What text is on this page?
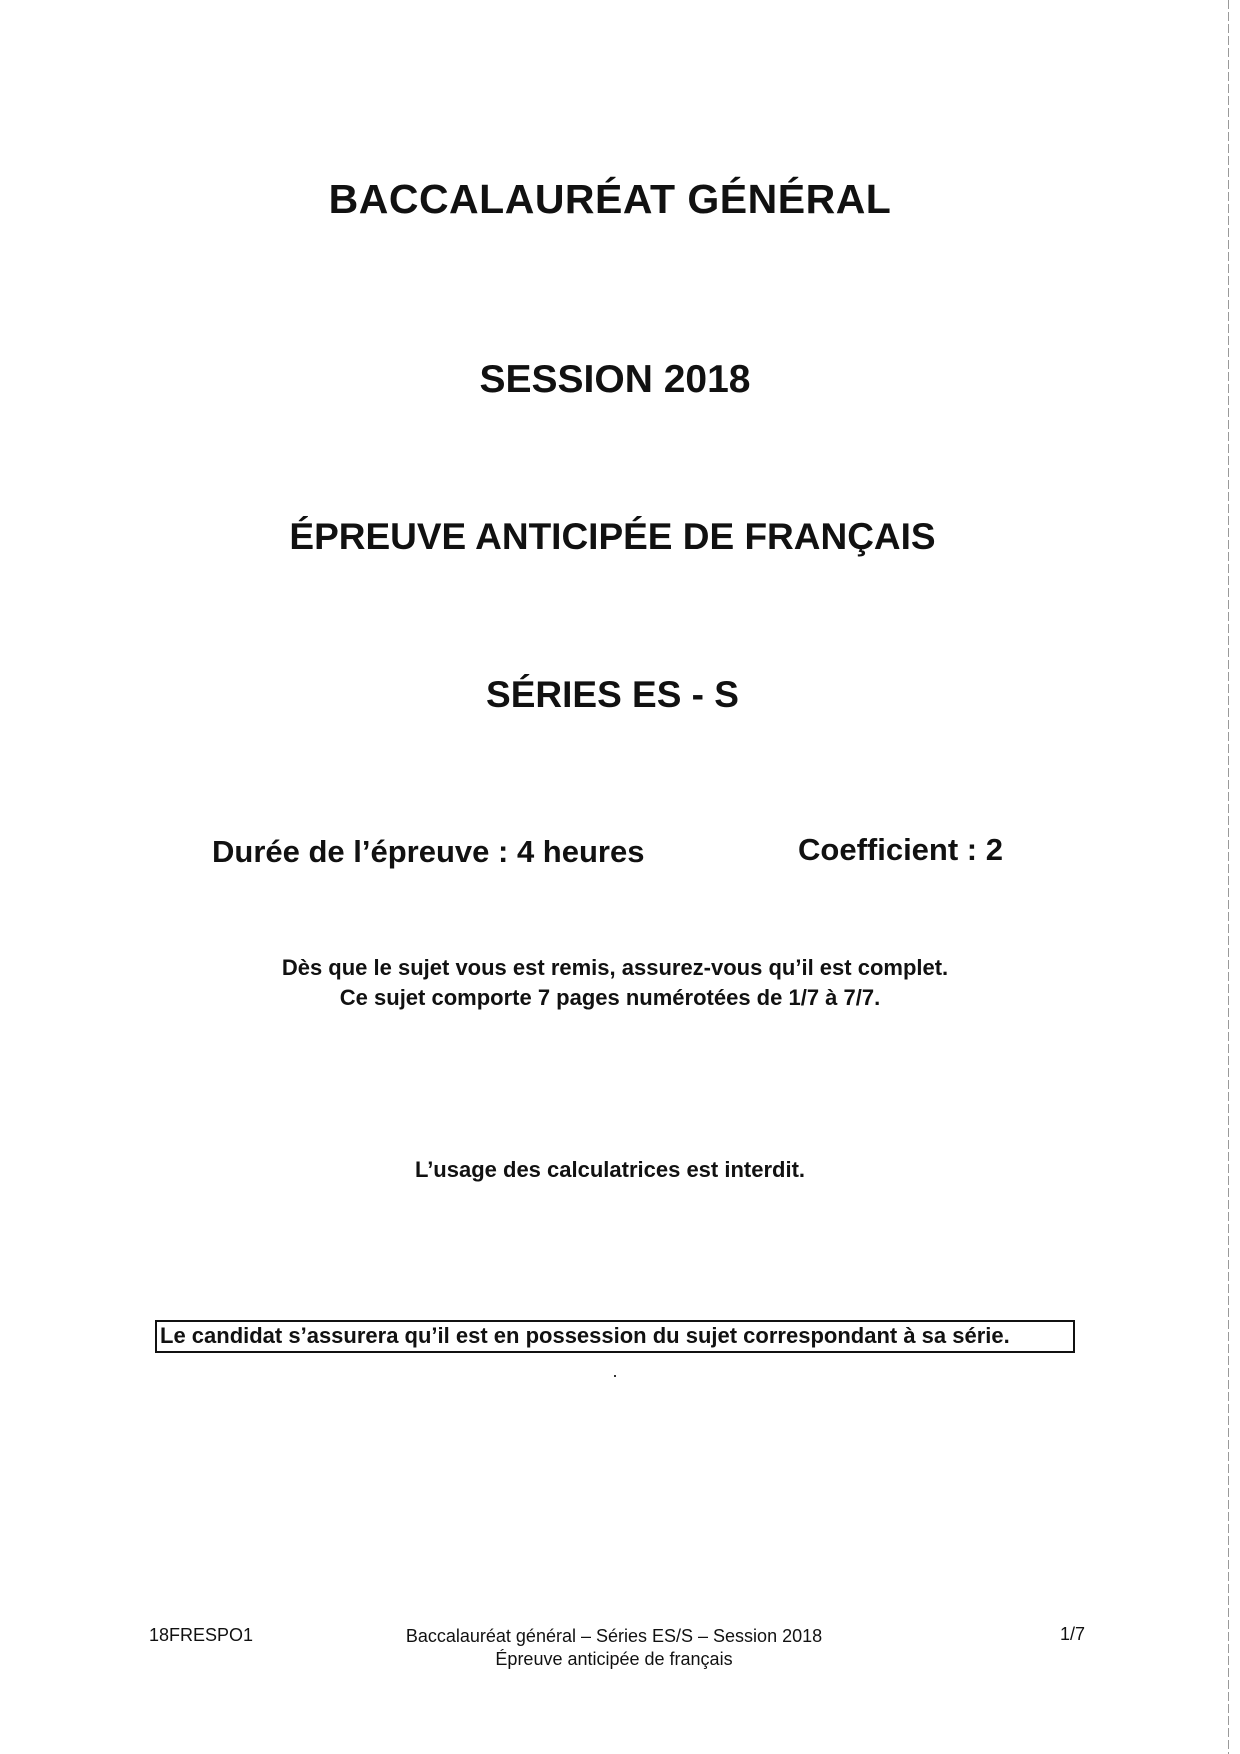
BACCALAURÉAT GÉNÉRAL
SESSION 2018
ÉPREUVE ANTICIPÉE DE FRANÇAIS
SÉRIES ES - S
Durée de l’épreuve : 4 heures	Coefficient : 2
Dès que le sujet vous est remis, assurez-vous qu’il est complet.
Ce sujet comporte 7 pages numérotées de 1/7 à 7/7.
L’usage des calculatrices est interdit.
Le candidat s’assurera qu’il est en possession du sujet correspondant à sa série.
18FRESPO1	Baccalauréat général – Séries ES/S – Session 2018
Épreuve anticipée de français
1/7
